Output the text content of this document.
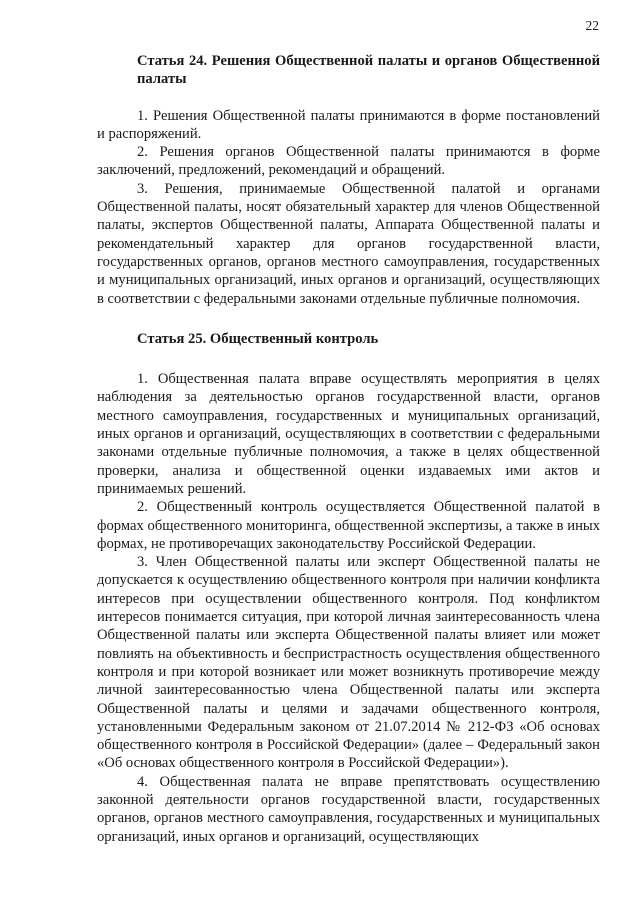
22
Статья 24. Решения Общественной палаты и органов Общественной палаты

1. Решения Общественной палаты принимаются в форме постановлений и распоряжений.

2. Решения органов Общественной палаты принимаются в форме заключений, предложений, рекомендаций и обращений.

3. Решения, принимаемые Общественной палатой и органами Общественной палаты, носят обязательный характер для членов Общественной палаты, экспертов Общественной палаты, Аппарата Общественной палаты и рекомендательный характер для органов государственной власти, государственных органов, органов местного самоуправления, государственных и муниципальных организаций, иных органов и организаций, осуществляющих в соответствии с федеральными законами отдельные публичные полномочия.

Статья 25. Общественный контроль

1. Общественная палата вправе осуществлять мероприятия в целях наблюдения за деятельностью органов государственной власти, органов местного самоуправления, государственных и муниципальных организаций, иных органов и организаций, осуществляющих в соответствии с федеральными законами отдельные публичные полномочия, а также в целях общественной проверки, анализа и общественной оценки издаваемых ими актов и принимаемых решений.

2. Общественный контроль осуществляется Общественной палатой в формах общественного мониторинга, общественной экспертизы, а также в иных формах, не противоречащих законодательству Российской Федерации.

3. Член Общественной палаты или эксперт Общественной палаты не допускается к осуществлению общественного контроля при наличии конфликта интересов при осуществлении общественного контроля. Под конфликтом интересов понимается ситуация, при которой личная заинтересованность члена Общественной палаты или эксперта Общественной палаты влияет или может повлиять на объективность и беспристрастность осуществления общественного контроля и при которой возникает или может возникнуть противоречие между личной заинтересованностью члена Общественной палаты или эксперта Общественной палаты и целями и задачами общественного контроля, установленными Федеральным законом от 21.07.2014 № 212-ФЗ «Об основах общественного контроля в Российской Федерации» (далее – Федеральный закон «Об основах общественного контроля в Российской Федерации»).

4. Общественная палата не вправе препятствовать осуществлению законной деятельности органов государственной власти, государственных органов, органов местного самоуправления, государственных и муниципальных организаций, иных органов и организаций, осуществляющих
